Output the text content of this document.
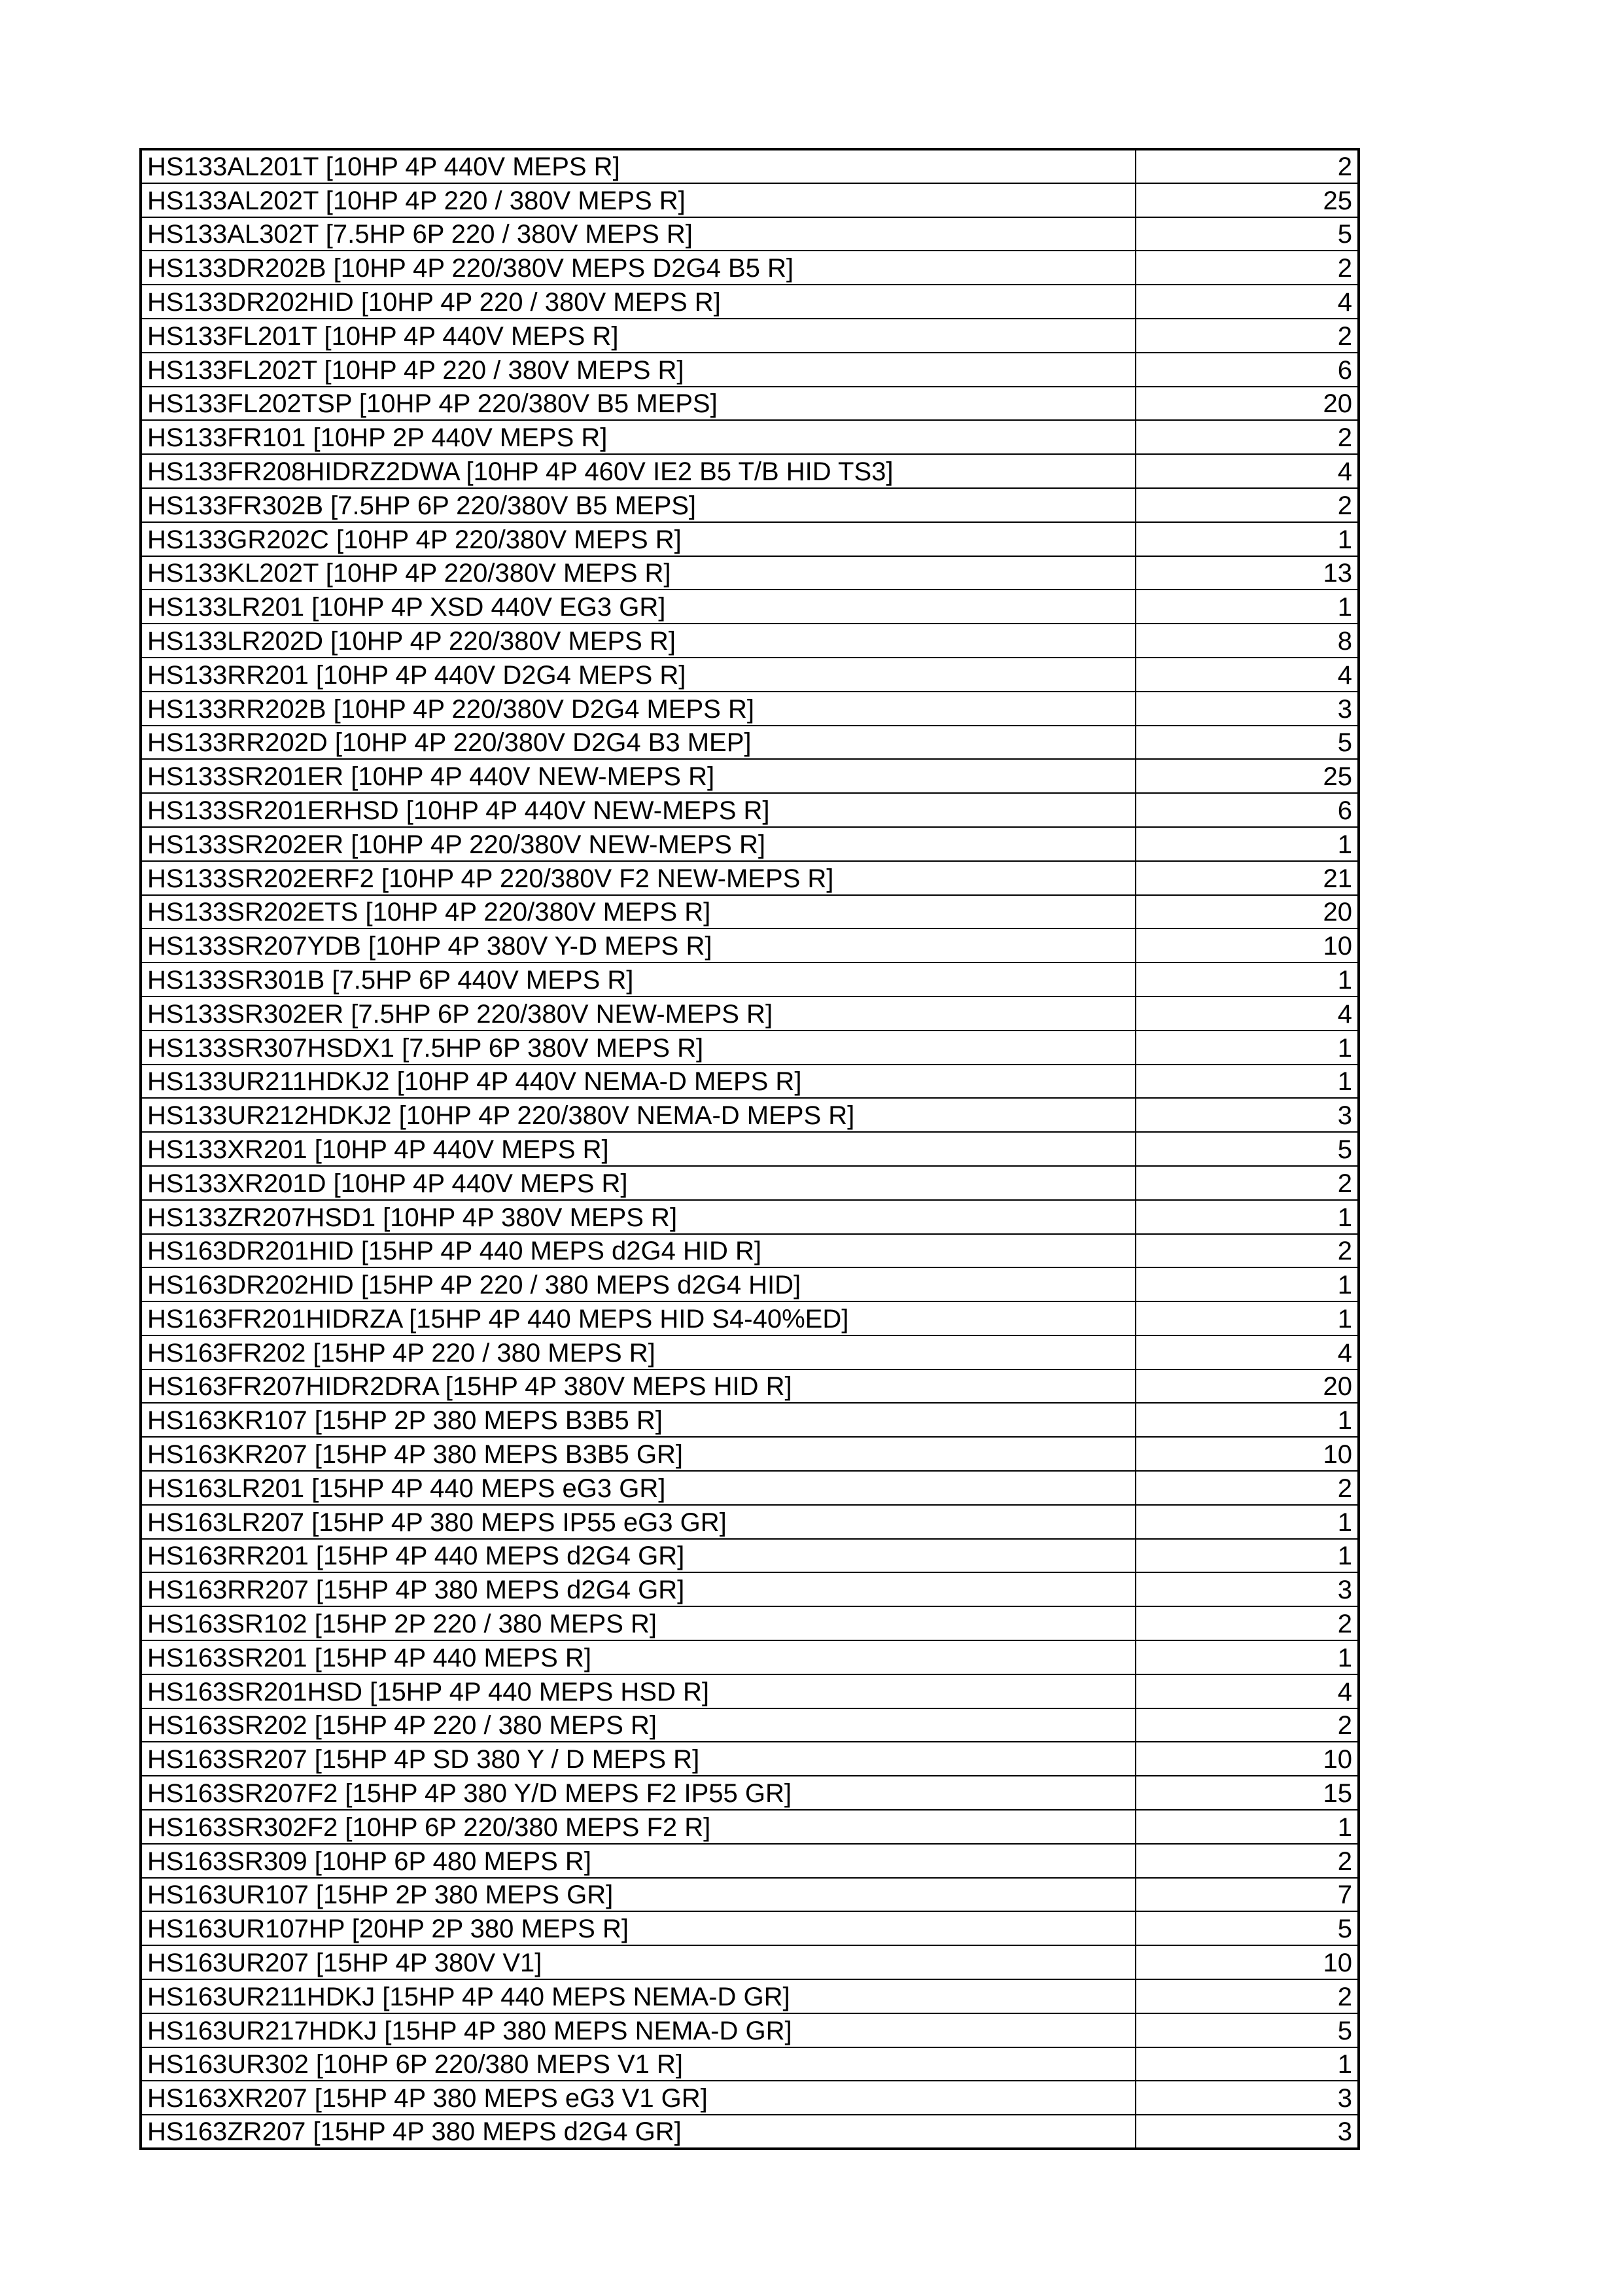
HS133AL201T [10HP 4P 440V MEPS R]	2
HS133AL202T [10HP 4P 220 / 380V MEPS R]	25
HS133AL302T [7.5HP 6P 220 / 380V MEPS R]	5
HS133DR202B [10HP 4P 220/380V MEPS D2G4 B5 R]	2
HS133DR202HID [10HP 4P 220 / 380V MEPS R]	4
HS133FL201T [10HP 4P 440V MEPS R]	2
HS133FL202T [10HP 4P 220 / 380V MEPS R]	6
HS133FL202TSP [10HP 4P 220/380V B5 MEPS]	20
HS133FR101 [10HP 2P 440V MEPS R]	2
HS133FR208HIDRZ2DWA [10HP 4P 460V IE2 B5 T/B HID TS3]	4
HS133FR302B [7.5HP 6P 220/380V B5 MEPS]	2
HS133GR202C [10HP 4P 220/380V MEPS R]	1
HS133KL202T [10HP 4P 220/380V MEPS R]	13
HS133LR201 [10HP 4P XSD 440V EG3 GR]	1
HS133LR202D [10HP 4P 220/380V MEPS R]	8
HS133RR201 [10HP 4P 440V D2G4 MEPS R]	4
HS133RR202B [10HP 4P 220/380V D2G4 MEPS R]	3
HS133RR202D [10HP 4P 220/380V D2G4 B3 MEP]	5
HS133SR201ER [10HP 4P 440V NEW-MEPS R]	25
HS133SR201ERHSD [10HP 4P 440V NEW-MEPS R]	6
HS133SR202ER [10HP 4P 220/380V NEW-MEPS R]	1
HS133SR202ERF2 [10HP 4P 220/380V F2 NEW-MEPS R]	21
HS133SR202ETS [10HP 4P 220/380V MEPS R]	20
HS133SR207YDB [10HP 4P 380V Y-D MEPS R]	10
HS133SR301B [7.5HP 6P 440V MEPS R]	1
HS133SR302ER [7.5HP 6P 220/380V NEW-MEPS R]	4
HS133SR307HSDX1 [7.5HP 6P 380V MEPS R]	1
HS133UR211HDKJ2 [10HP 4P 440V NEMA-D MEPS R]	1
HS133UR212HDKJ2 [10HP 4P 220/380V NEMA-D MEPS R]	3
HS133XR201 [10HP 4P 440V MEPS R]	5
HS133XR201D [10HP 4P 440V MEPS R]	2
HS133ZR207HSD1 [10HP 4P 380V MEPS R]	1
HS163DR201HID [15HP 4P 440 MEPS d2G4 HID R]	2
HS163DR202HID [15HP 4P 220 / 380 MEPS d2G4 HID]	1
HS163FR201HIDRZA [15HP 4P 440 MEPS HID S4-40%ED]	1
HS163FR202 [15HP 4P 220 / 380 MEPS R]	4
HS163FR207HIDR2DRA [15HP 4P 380V MEPS HID R]	20
HS163KR107 [15HP 2P 380 MEPS B3B5 R]	1
HS163KR207 [15HP 4P 380 MEPS B3B5 GR]	10
HS163LR201 [15HP 4P 440 MEPS eG3 GR]	2
HS163LR207 [15HP 4P 380 MEPS IP55 eG3 GR]	1
HS163RR201 [15HP 4P 440 MEPS d2G4 GR]	1
HS163RR207 [15HP 4P 380 MEPS d2G4 GR]	3
HS163SR102 [15HP 2P 220 / 380 MEPS R]	2
HS163SR201 [15HP 4P 440 MEPS R]	1
HS163SR201HSD [15HP 4P 440 MEPS HSD R]	4
HS163SR202 [15HP 4P 220 / 380 MEPS R]	2
HS163SR207 [15HP 4P SD 380 Y / D MEPS R]	10
HS163SR207F2 [15HP 4P 380 Y/D MEPS F2 IP55 GR]	15
HS163SR302F2 [10HP 6P 220/380 MEPS F2 R]	1
HS163SR309 [10HP 6P 480 MEPS R]	2
HS163UR107 [15HP 2P 380 MEPS GR]	7
HS163UR107HP [20HP 2P 380 MEPS R]	5
HS163UR207 [15HP 4P 380V V1]	10
HS163UR211HDKJ [15HP 4P 440 MEPS NEMA-D GR]	2
HS163UR217HDKJ [15HP 4P 380 MEPS NEMA-D GR]	5
HS163UR302 [10HP 6P 220/380 MEPS V1 R]	1
HS163XR207 [15HP 4P 380 MEPS eG3 V1 GR]	3
HS163ZR207 [15HP 4P 380 MEPS d2G4 GR]	3
